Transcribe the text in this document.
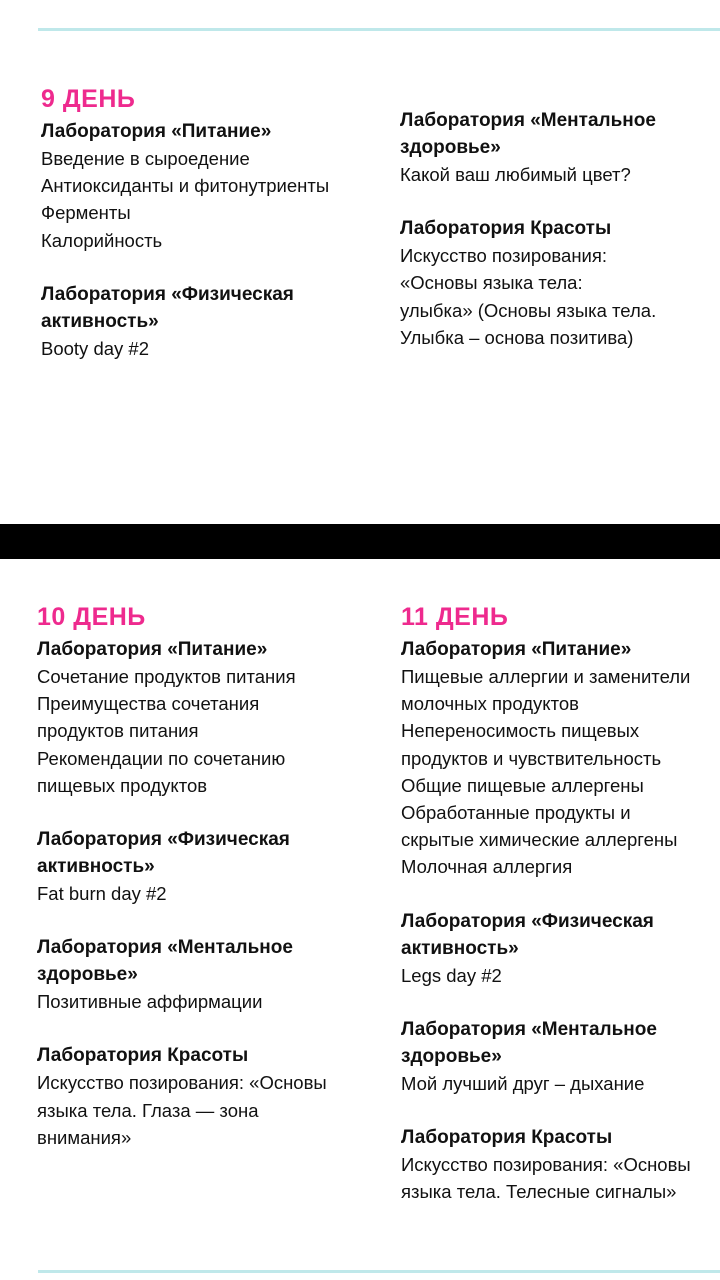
9 ДЕНЬ
Лаборатория «Питание»
Введение в сыроедение
Антиоксиданты и фитонутриенты
Ферменты
Калорийность
Лаборатория «Физическая
активность»
Booty day #2
Лаборатория «Ментальное
здоровье»
Какой ваш любимый цвет?
Лаборатория Красоты
Искусство позирования:
«Основы языка тела:
улыбка» (Основы языка тела.
Улыбка – основа позитива)
10 ДЕНЬ
Лаборатория «Питание»
Сочетание продуктов питания
Преимущества сочетания
продуктов питания
Рекомендации по сочетанию
пищевых продуктов
Лаборатория «Физическая
активность»
Fat burn day #2
Лаборатория «Ментальное
здоровье»
Позитивные аффирмации
Лаборатория Красоты
Искусство позирования: «Основы
языка тела. Глаза — зона
внимания»
11 ДЕНЬ
Лаборатория «Питание»
Пищевые аллергии и заменители
молочных продуктов
Непереносимость пищевых
продуктов и чувствительность
Общие пищевые аллергены
Обработанные продукты и
скрытые химические аллергены
Молочная аллергия
Лаборатория «Физическая
активность»
Legs day #2
Лаборатория «Ментальное
здоровье»
Мой лучший друг – дыхание
Лаборатория Красоты
Искусство позирования: «Основы
языка тела. Телесные сигналы»
